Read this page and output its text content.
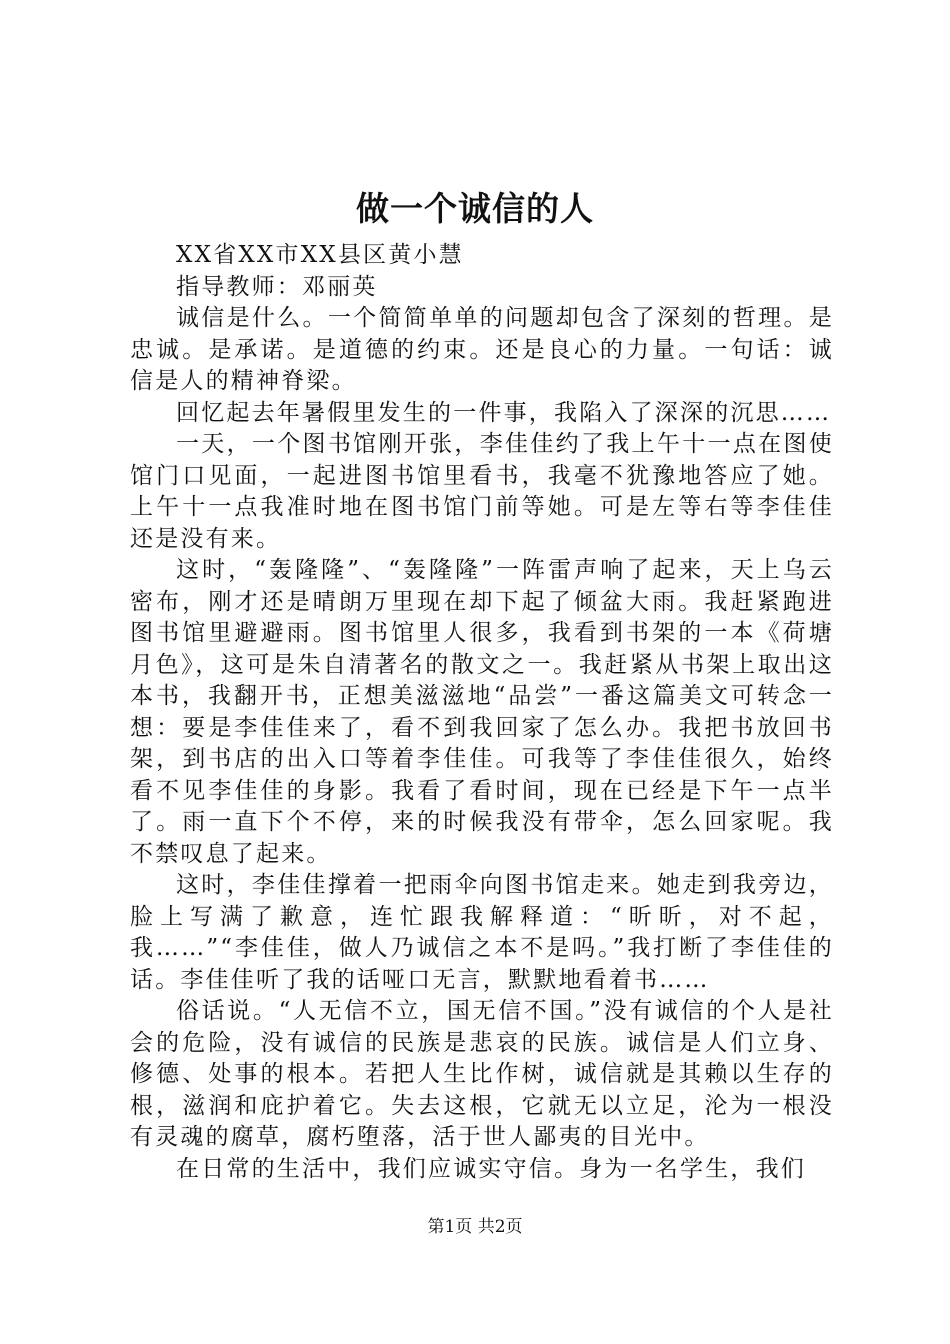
做一个诚信的人

XX省XX市XX县区黄小慧

指导教师：邓丽英

诚信是什么。一个简简单单的问题却包含了深刻的哲理。是忠诚。是承诺。是道德的约束。还是良心的力量。一句话：诚信是人的精神脊梁。

回忆起去年暑假里发生的一件事，我陷入了深深的沉思……

一天，一个图书馆刚开张，李佳佳约了我上午十一点在图使馆门口见面，一起进图书馆里看书，我毫不犹豫地答应了她。上午十一点我准时地在图书馆门前等她。可是左等右等李佳佳还是没有来。

这时，“轰隆隆”、“轰隆隆”一阵雷声响了起来，天上乌云密布，刚才还是晴朗万里现在却下起了倾盆大雨。我赶紧跑进图书馆里避避雨。图书馆里人很多，我看到书架的一本《荷塘月色》，这可是朱自清著名的散文之一。我赶紧从书架上取出这本书，我翻开书，正想美滋滋地“品尝”一番这篇美文可转念一想：要是李佳佳来了，看不到我回家了怎么办。我把书放回书架，到书店的出入口等着李佳佳。可我等了李佳佳很久，始终看不见李佳佳的身影。我看了看时间，现在已经是下午一点半了。雨一直下个不停，来的时候我没有带伞，怎么回家呢。我不禁叹息了起来。

这时，李佳佳撑着一把雨伞向图书馆走来。她走到我旁边，脸上写满了歉意，连忙跟我解释道：“昕昕，对不起，我……”“李佳佳，做人乃诚信之本不是吗。”我打断了李佳佳的话。李佳佳听了我的话哑口无言，默默地看着书……

俗话说。“人无信不立，国无信不国。”没有诚信的个人是社会的危险，没有诚信的民族是悲哀的民族。诚信是人们立身、修德、处事的根本。若把人生比作树，诚信就是其赖以生存的根，滋润和庇护着它。失去这根，它就无以立足，沦为一根没有灵魂的腐草，腐朽堕落，活于世人鄙夷的目光中。

在日常的生活中，我们应诚实守信。身为一名学生，我们

第1页 共2页
